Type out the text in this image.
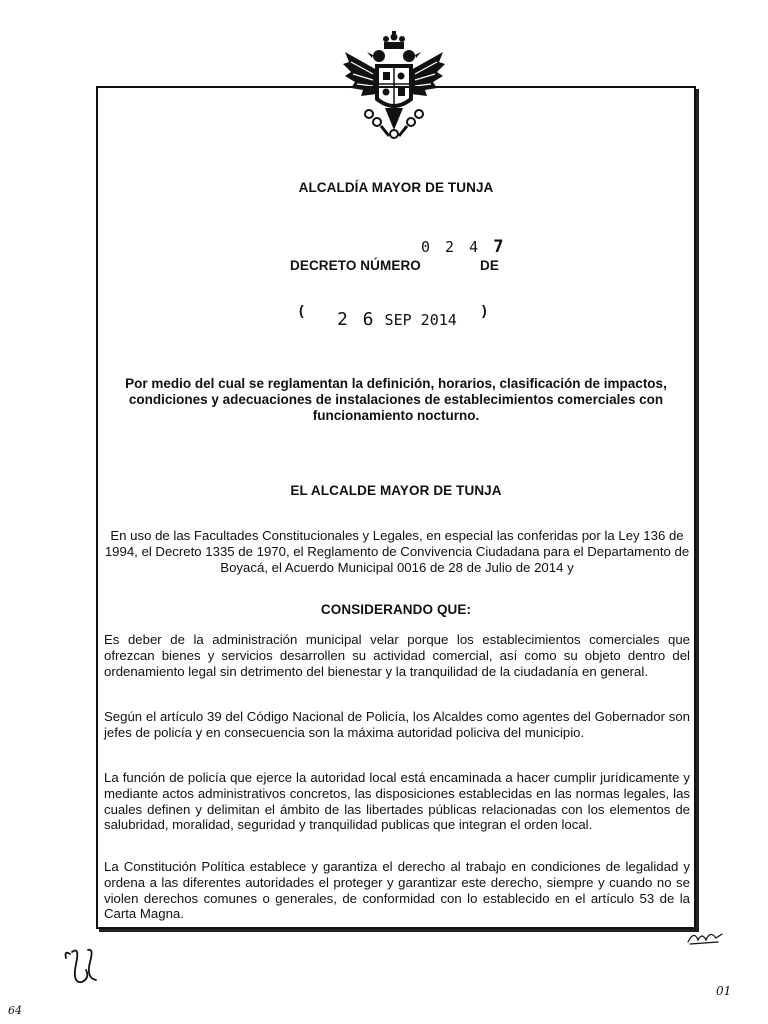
ALCALDÍA MAYOR DE TUNJA
0 2 4 7
DECRETO NÚMERO	DE
( 2 6 SEP 2014
)
Por medio del cual se reglamentan la definición, horarios, clasificación de impactos, condiciones y adecuaciones de instalaciones de establecimientos comerciales con funcionamiento nocturno.
EL ALCALDE MAYOR DE TUNJA
En uso de las Facultades Constitucionales y Legales, en especial las conferidas por la Ley 136 de 1994, el Decreto 1335 de 1970, el Reglamento de Convivencia Ciudadana para el Departamento de Boyacá, el Acuerdo Municipal 0016 de 28 de Julio de 2014 y
CONSIDERANDO QUE:
Es deber de la administración municipal velar porque los establecimientos comerciales que ofrezcan bienes y servicios desarrollen su actividad comercial, así como su objeto dentro del ordenamiento legal sin detrimento del bienestar y la tranquilidad de la ciudadanía en general.
Según el artículo 39 del Código Nacional de Policía, los Alcaldes como agentes del Gobernador son jefes de policía y en consecuencia son la máxima autoridad policiva del municipio.
La función de policía que ejerce la autoridad local está encaminada a hacer cumplir jurídicamente y mediante actos administrativos concretos, las disposiciones establecidas en las normas legales, las cuales definen y delimitan el ámbito de las libertades públicas relacionadas con los elementos de salubridad, moralidad, seguridad y tranquilidad publicas que integran el orden local.
La Constitución Política establece y garantiza el derecho al trabajo en condiciones de legalidad y ordena a las diferentes autoridades el proteger y garantizar este derecho, siempre y cuando no se violen derechos comunes o generales, de conformidad con lo establecido en el artículo 53 de la Carta Magna.
01
64
